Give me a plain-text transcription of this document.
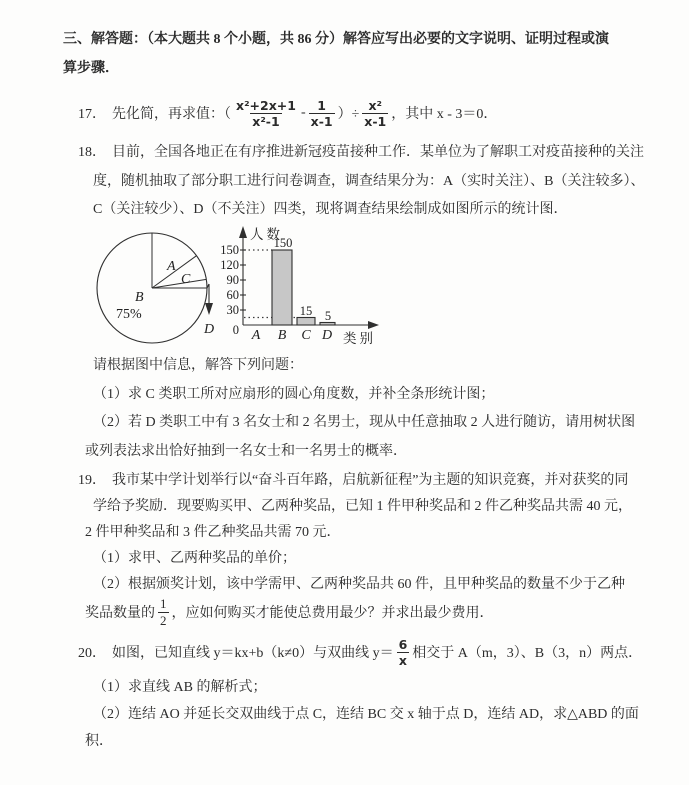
三、解答题：（本大题共 8 个小题，共 86 分）解答应写出必要的文字说明、证明过程或演
算步骤．
17． 先化简，再求值：（ $\frac{\text{x²+2x+1}}{\text{x²-1}} - \frac{1}{x-1}$ ）÷ $\frac{\text{x²}}{x-1}$ ，其中 x - 3＝0．
18． 目前，全国各地正在有序推进新冠疫苗接种工作．某单位为了解职工对疫苗接种的关注
度，随机抽取了部分职工进行问卷调查，调查结果分为：A（实时关注）、B（关注较多）、
C（关注较少）、D（不关注）四类，现将调查结果绘制成如图所示的统计图．
A
C
B
75%
D
人数
类别
150
120
90
60
30
0
150
15 5
A B C D
请根据图中信息，解答下列问题：
（1）求 C 类职工所对应扇形的圆心角度数，并补全条形统计图；
（2）若 D 类职工中有 3 名女士和 2 名男士，现从中任意抽取 2 人进行随访，请用树状图
或列表法求出恰好抽到一名女士和一名男士的概率．
19． 我市某中学计划举行以“奋斗百年路，启航新征程”为主题的知识竞赛，并对获奖的同
学给予奖励．现要购买甲、乙两种奖品，已知 1 件甲种奖品和 2 件乙种奖品共需 40 元，
2 件甲种奖品和 3 件乙种奖品共需 70 元．
（1）求甲、乙两种奖品的单价；
（2）根据颁奖计划，该中学需甲、乙两种奖品共 60 件，且甲种奖品的数量不少于乙种
奖品数量的 $\frac{1}{2}$ ，应如何购买才能使总费用最少？并求出最少费用．
20． 如图，已知直线 y＝kx+b（k≠0）与双曲线 $y= \frac{6}{x}$ 相交于 A（m，3）、B（3，n）两点．
（1）求直线 AB 的解析式；
（2）连结 AO 并延长交双曲线于点 C，连结 BC 交 x 轴于点 D，连结 AD，求△ABD 的面
积．
